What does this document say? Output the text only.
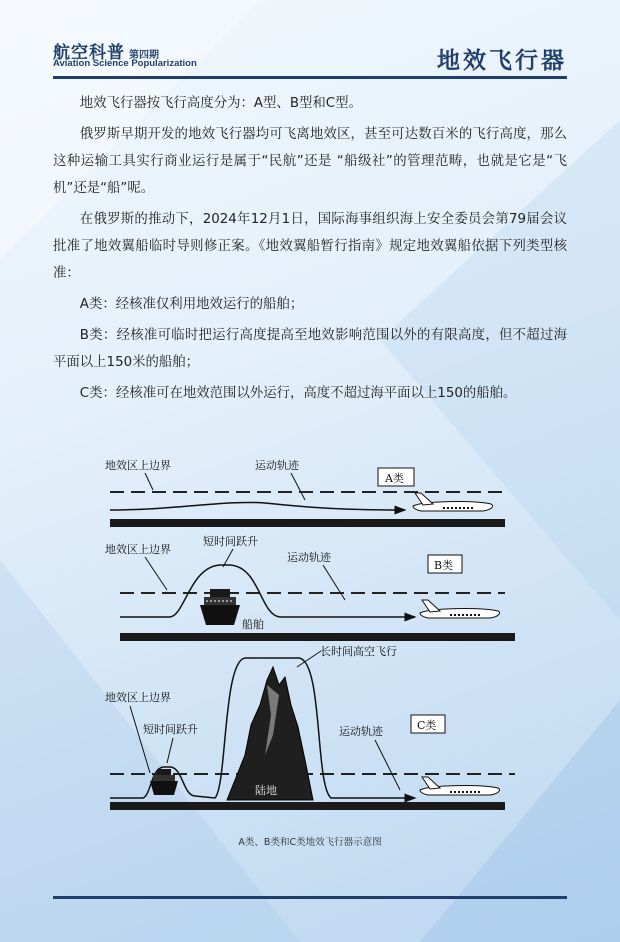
航空科普 第四期
Aviation Science Popularization	地效飞行器

地效飞行器按飞行高度分为：A型、B型和C型。

俄罗斯早期开发的地效飞行器均可飞离地效区，甚至可达数百米的飞行高度，那么这种运输工具实行商业运行是属于“民航”还是 “船级社”的管理范畴，也就是它是“飞机”还是“船”呢。

在俄罗斯的推动下，2024年12月1日，国际海事组织海上安全委员会第79届会议批准了地效翼船临时导则修正案。《地效翼船暂行指南》规定地效翼船依据下列类型核准：

A类：经核准仅利用地效运行的船舶；

B类：经核准可临时把运行高度提高至地效影响范围以外的有限高度，但不超过海平面以上150米的船舶；

C类：经核准可在地效范围以外运行，高度不超过海平面以上150的船舶。

地效区上边界	运动轨迹
A类
地效区上边界
短时间跃升
运动轨迹
B类
船舶
长时间高空飞行
地效区上边界
短时间跃升	运动轨迹	C类
陆地
A类、B类和C类地效飞行器示意图
